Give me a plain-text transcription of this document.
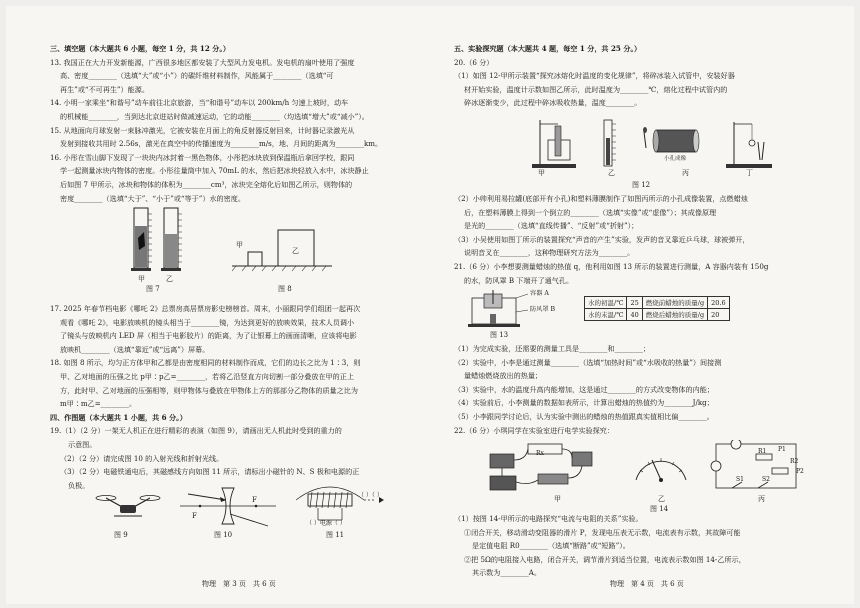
三、填空题（本大题共 6 小题，每空 1 分，共 12 分。）

13. 我国正在大力开发新能源，广西很多地区都安装了大型风力发电机。发电机的扇叶使用了强度

高、密度________（选填“大”或“小”）的碳纤维材料制作，风能属于________（选填“可

再生”或“不可再生”）能源。

14. 小明一家乘坐“和谐号”动车前往北京旅游，当“和谐号”动车以 200km/h 匀速上坡时，动车

的机械能________，当到达北京进站时做减速运动，它的动能________（均选填“增大”或“减小”）。

15. 从地面向月球发射一束脉冲激光，它被安装在月面上的角反射器反射回来，计时器记录激光从

发射到接收共用时 2.56s，激光在真空中的传播速度为________m/s，地、月间的距离为________km。

16. 小彤在雪山脚下发现了一块块内冰封着一黑色物体，小彤把冰块放到保温瓶后拿回学校，跟同

学一起测量冰块内物体的密度。小彤往量筒中加入 70mL 的水，然后把冰块轻放入水中，冰块静止

后如图 7 甲所示，冰块和物体的体积为________cm³，冰块完全熔化后如图乙所示，则物体的

密度________（选填“大于”、“小于”或“等于”）水的密度。

甲	乙
图 7
甲
乙
图 8

17. 2025 年春节档电影《哪吒 2》总票房高居票房影史榜榜首。周末，小丽跟同学们组团一起再次

观看《哪吒 2》，电影放映机的镜头相当于________镜，为达到更好的放映效果，技术人员调小

了镜头与放映机内 LED 屏（相当于电影胶片）的距离，为了让银幕上的画面清晰，应该将电影

放映机________（选填“靠近”或“远离”）屏幕。

18. 如图 8 所示，均匀正方体甲和乙都是由密度相同的材料制作而成，它们的边长之比为 1∶3，则

甲、乙对地面的压强之比 p甲∶p乙=________，若将乙沿竖直方向切割一部分叠放在甲的正上

方，此时甲、乙对地面的压强相等，则甲物体与叠放在甲物体上方的那部分乙物体的质量之比为

m甲∶m乙=________。

四、作图题（本大题共 1 小题，共 6 分。）

19.（1）（2 分）一架无人机正在进行精彩的表演（如图 9），请画出无人机此时受到的重力的

示意图。

（2）（2 分）请完成图 10 的入射光线和折射光线。

（3）（2 分）电磁铁通电后，其磁感线方向如图 11 所示，请标出小磁针的 N、S 极和电源的正

负极。

图 9
F
F
图 10
（ ）（ ）
（ ）电源（ ）
图 11
物理　第 3 页　共 6 页

五、实验探究题（本大题共 4 题，每空 1 分，共 25 分。）

20.（6 分）

（1）如图 12-甲所示装置“探究冰熔化时温度的变化规律”，将碎冰装入试管中，安装好器

材开始实验，温度计示数如图乙所示，此时温度为________℃，熔化过程中试管内的

碎冰逐渐变少，此过程中碎冰吸收热量，温度________。

甲	乙	丙	丁
小孔成像
图 12

（2）小帅利用易拉罐(底部开有小孔)和塑料薄膜制作了如图丙所示的小孔成像装置，点燃蜡烛

后，在塑料薄膜上得到一个倒立的________（选填“实像”或“虚像”）；其成像原理

是光的________（选填“直线传播”、“反射”或“折射”）；

（3）小吴使用如图丁所示的装置探究“声音的产生”实验，发声的音叉靠近乒乓球，球被弹开，

说明音叉在________，这种物理研究方法为________。

21.（6 分）小李想要测量蜡烛的热值 q，他利用如图 13 所示的装置进行测量，A 容器内装有 150g

的水，防风罩 B 下端开了通气孔。

容器 A
防风罩 B
图 13
水的初温/℃	25	燃烧前蜡烛的质量/g	20.6
水的末温/℃	40	燃烧后蜡烛的质量/g	20

（1）为完成实验，还需要的测量工具是________和________；

（2）实验中，小李是通过测量________（选填“加热时间”或“水吸收的热量”）间接测

量蜡烛燃烧放出的热量；

（3）实验中，水的温度升高内能增加，这是通过________的方式改变物体的内能；

（4）实验前后，小李测量的数据如表所示，计算出蜡烛的热值约为________J/kg；

（5）小李跟同学讨论后，认为实验中测出的蜡烛的热值跟真实值相比偏________。

22.（6 分）小琪同学在实验室进行电学实验探究：

Rx	R1
R2
S1	S2
P1
P2
甲	乙	丙
图 14

（1）按图 14-甲所示的电路探究“电流与电阻的关系”实验。

①闭合开关，移动滑动变阻器的滑片 P，发现电压表无示数，电流表有示数，其故障可能

是定值电阻 R0________（选填“断路”或“短路”）。

②把 5Ω的电阻接入电路，闭合开关，调节滑片到适当位置，电流表示数如图 14-乙所示，

其示数为________A。

物理　第 4 页　共 6 页
